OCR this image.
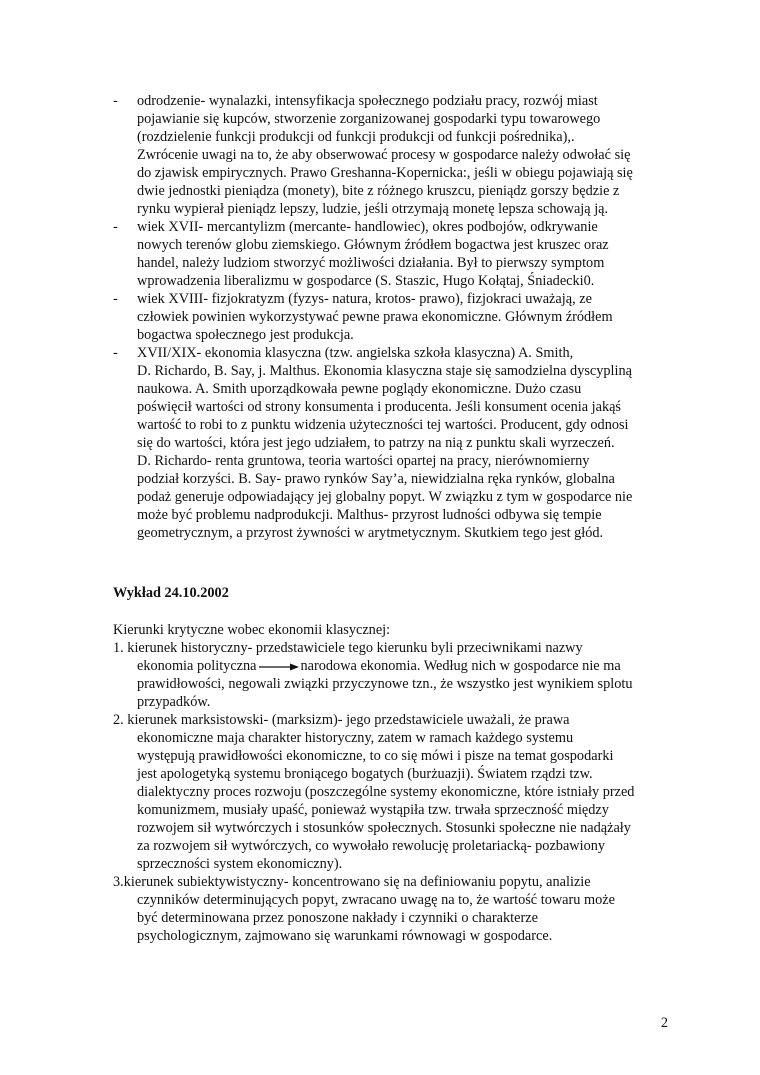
- odrodzenie- wynalazki, intensyfikacja społecznego podziału pracy, rozwój miast
pojawianie się kupców, stworzenie zorganizowanej gospodarki typu towarowego
(rozdzielenie funkcji produkcji od funkcji produkcji od funkcji pośrednika),.
Zwrócenie uwagi na to, że aby obserwować procesy w gospodarce należy odwołać się
do zjawisk empirycznych. Prawo Greshanna-Kopernicka:, jeśli w obiegu pojawiają się
dwie jednostki pieniądza (monety), bite z różnego kruszcu, pieniądz gorszy będzie z
rynku wypierał pieniądz lepszy, ludzie, jeśli otrzymają monetę lepsza schowają ją.

- wiek XVII- mercantylizm (mercante- handlowiec), okres podbojów, odkrywanie
nowych terenów globu ziemskiego. Głównym źródłem bogactwa jest kruszec oraz
handel, należy ludziom stworzyć możliwości działania. Był to pierwszy symptom
wprowadzenia liberalizmu w gospodarce (S. Staszic, Hugo Kołątaj, Śniadecki0.

- wiek XVIII- fizjokratyzm (fyzys- natura, krotos- prawo), fizjokraci uważają, ze
człowiek powinien wykorzystywać pewne prawa ekonomiczne. Głównym źródłem
bogactwa społecznego jest produkcja.

- XVII/XIX- ekonomia klasyczna (tzw. angielska szkoła klasyczna) A. Smith,
D. Richardo, B. Say, j. Malthus. Ekonomia klasyczna staje się samodzielna dyscypliną
naukowa. A. Smith uporządkowała pewne poglądy ekonomiczne. Dużo czasu
poświęcił wartości od strony konsumenta i producenta. Jeśli konsument ocenia jakąś
wartość to robi to z punktu widzenia użyteczności tej wartości. Producent, gdy odnosi
się do wartości, która jest jego udziałem, to patrzy na nią z punktu skali wyrzeczeń.
D. Richardo- renta gruntowa, teoria wartości opartej na pracy, nierównomierny
podział korzyści. B. Say- prawo rynków Say’a, niewidzialna ręka rynków, globalna
podaż generuje odpowiadający jej globalny popyt. W związku z tym w gospodarce nie
może być problemu nadprodukcji. Malthus- przyrost ludności odbywa się tempie
geometrycznym, a przyrost żywności w arytmetycznym. Skutkiem tego jest głód.

Wykład 24.10.2002

Kierunki krytyczne wobec ekonomii klasycznej:

1. kierunek historyczny- przedstawiciele tego kierunku byli przeciwnikami nazwy
ekonomia polityczna	narodowa ekonomia. Według nich w gospodarce nie ma
prawidłowości, negowali związki przyczynowe tzn., że wszystko jest wynikiem splotu
przypadków.
2. kierunek marksistowski- (marksizm)- jego przedstawiciele uważali, że prawa
ekonomiczne maja charakter historyczny, zatem w ramach każdego systemu
występują prawidłowości ekonomiczne, to co się mówi i pisze na temat gospodarki
jest apologetyką systemu broniącego bogatych (burżuazji). Światem rządzi tzw.
dialektyczny proces rozwoju (poszczególne systemy ekonomiczne, które istniały przed
komunizmem, musiały upaść, ponieważ wystąpiła tzw. trwała sprzeczność między
rozwojem sił wytwórczych i stosunków społecznych. Stosunki społeczne nie nadążały
za rozwojem sił wytwórczych, co wywołało rewolucję proletariacką- pozbawiony
sprzeczności system ekonomiczny).
3.kierunek subiektywistyczny- koncentrowano się na definiowaniu popytu, analizie
czynników determinujących popyt, zwracano uwagę na to, że wartość towaru może
być determinowana przez ponoszone nakłady i czynniki o charakterze
psychologicznym, zajmowano się warunkami równowagi w gospodarce.

2
